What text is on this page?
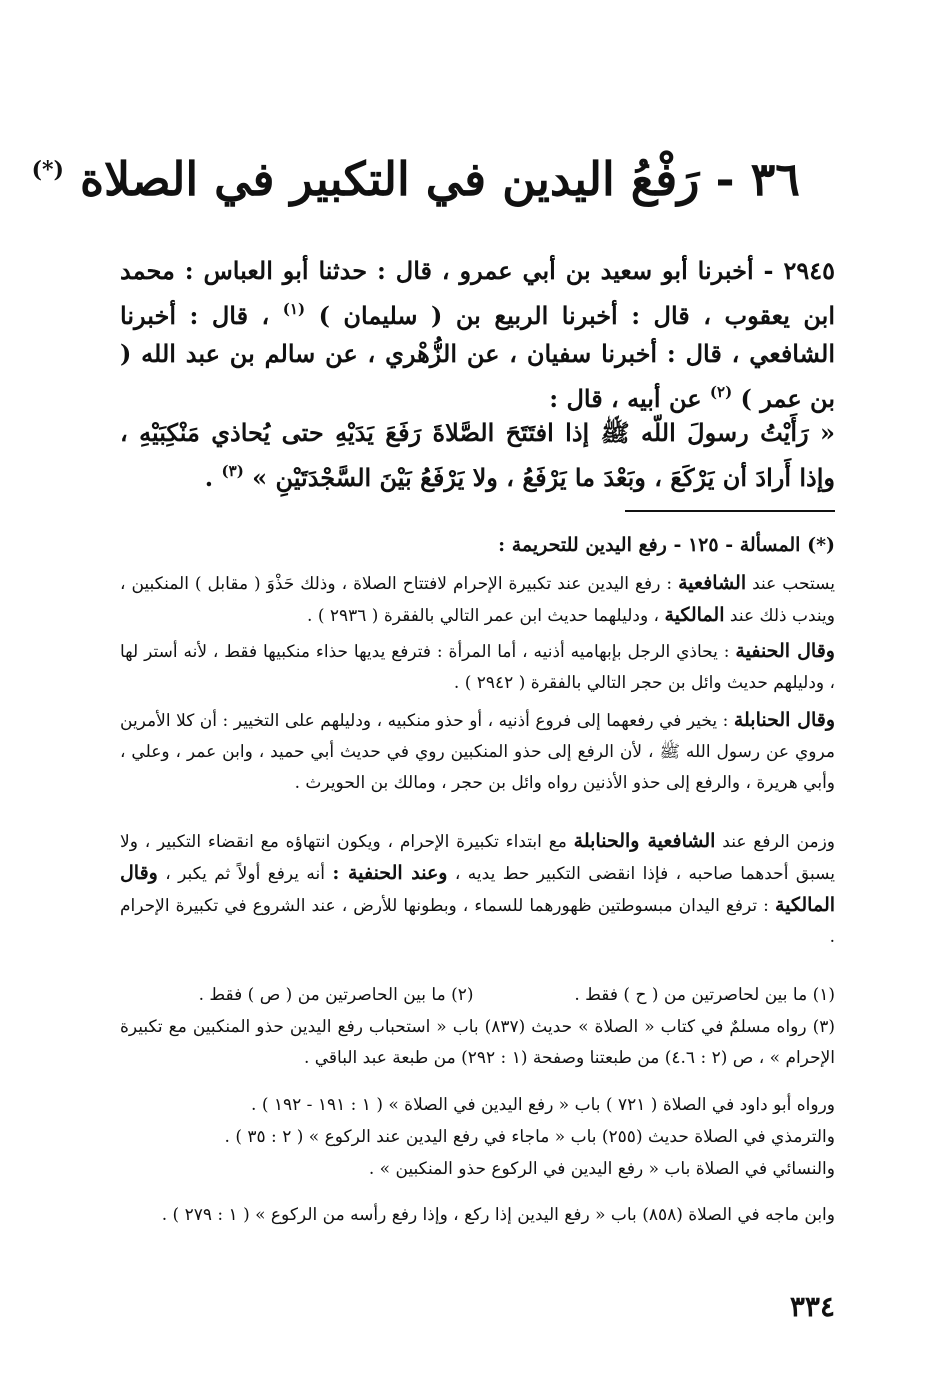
٣٦ - رَفْعُ اليدين في التكبير في الصلاة (*)
٢٩٤٥ - أخبرنا أبو سعيد بن أبي عمرو ، قال : حدثنا أبو العباس : محمد ابن يعقوب ، قال : أخبرنا الربيع بن ( سليمان ) $^{(١)}$ ، قال : أخبرنا الشافعي ، قال : أخبرنا سفيان ، عن الزُّهْري ، عن سالم بن عبد الله ( بن عمر ) $^{(٢)}$ عن أبيه ، قال :
« رَأَيْتُ رسولَ اللّه ﷺ إذا افتَتَحَ الصَّلاةَ رَفَعَ يَدَيْهِ حتى يُحاذي مَنْكِبَيْهِ ، وإذا أَرادَ أن يَرْكَعَ ، وبَعْدَ ما يَرْفَعُ ، ولا يَرْفَعُ بَيْنَ السَّجْدَتَيْنِ » $^{(٣)}$ .
(*) المسألة - ١٢٥ - رفع اليدين للتحريمة :
يستحب عند الشافعية : رفع اليدين عند تكبيرة الإحرام لافتتاح الصلاة ، وذلك حَذْوَ ( مقابل ) المنكبين ، ويندب ذلك عند المالكية ، ودليلهما حديث ابن عمر التالي بالفقرة ( ٢٩٣٦ ) .
وقال الحنفية : يحاذي الرجل بإبهاميه أذنيه ، أما المرأة : فترفع يديها حذاء منكبيها فقط ، لأنه أستر لها ، ودليلهم حديث وائل بن حجر التالي بالفقرة ( ٢٩٤٢ ) .
وقال الحنابلة : يخير في رفعهما إلى فروع أذنيه ، أو حذو منكبيه ، ودليلهم على التخيير : أن كلا الأمرين مروي عن رسول الله ﷺ ، لأن الرفع إلى حذو المنكبين روي في حديث أبي حميد ، وابن عمر ، وعلي ، وأبي هريرة ، والرفع إلى حذو الأذنين رواه وائل بن حجر ، ومالك بن الحويرث .
وزمن الرفع عند الشافعية والحنابلة مع ابتداء تكبيرة الإحرام ، ويكون انتهاؤه مع انقضاء التكبير ، ولا يسبق أحدهما صاحبه ، فإذا انقضى التكبير حط يديه ، وعند الحنفية : أنه يرفع أولاً ثم يكبر ، وقال المالكية : ترفع اليدان مبسوطتين ظهورهما للسماء ، وبطونها للأرض ، عند الشروع في تكبيرة الإحرام .
(١) ما بين لحاصرتين من ( ح ) فقط .  (٢) ما بين الحاصرتين من ( ص ) فقط .
(٣) رواه مسلمٌ في كتاب « الصلاة » حديث (٨٣٧) باب « استحباب رفع اليدين حذو المنكبين مع تكبيرة الإحرام » ، ص (٢ : ٤.٦) من طبعتنا وصفحة (١ : ٢٩٢) من طبعة عبد الباقي .
ورواه أبو داود في الصلاة ( ٧٢١ ) باب « رفع اليدين في الصلاة » ( ١ : ١٩١ - ١٩٢ ) .
والترمذي في الصلاة حديث (٢٥٥) باب « ماجاء في رفع اليدين عند الركوع » ( ٢ : ٣٥ ) .
والنسائي في الصلاة باب « رفع اليدين في الركوع حذو المنكبين » .
وابن ماجه في الصلاة (٨٥٨) باب « رفع اليدين إذا ركع ، وإذا رفع رأسه من الركوع » ( ١ : ٢٧٩ ) .
٣٣٤
